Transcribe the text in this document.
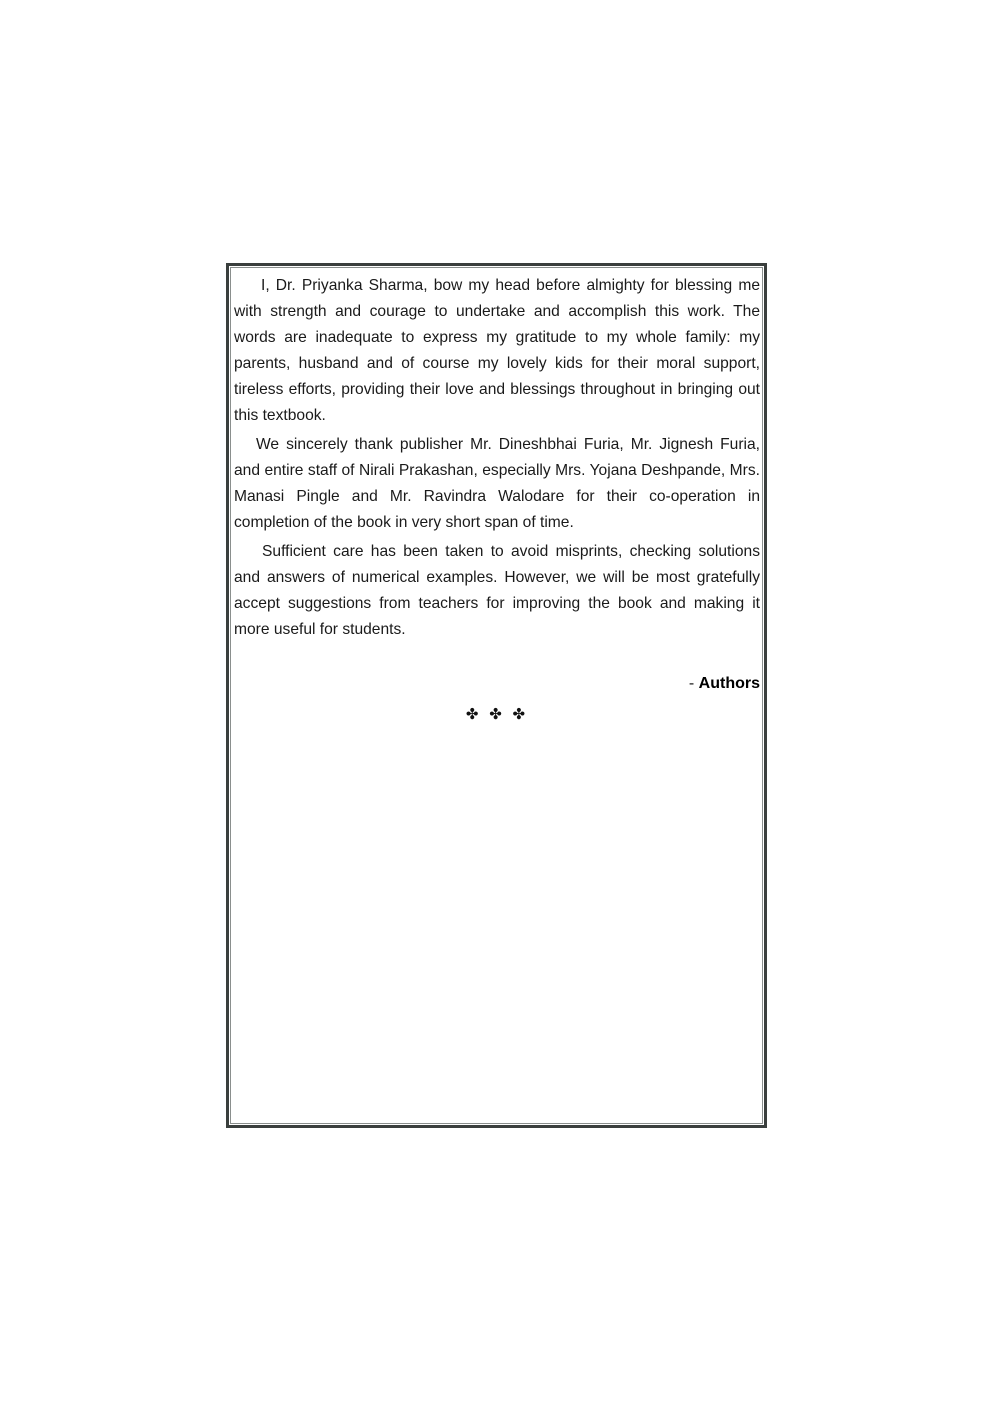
I, Dr. Priyanka Sharma, bow my head before almighty for blessing me with strength and courage to undertake and accomplish this work. The words are inadequate to express my gratitude to my whole family: my parents, husband and of course my lovely kids for their moral support, tireless efforts, providing their love and blessings throughout in bringing out this textbook.

We sincerely thank publisher Mr. Dineshbhai Furia, Mr. Jignesh Furia, and entire staff of Nirali Prakashan, especially Mrs. Yojana Deshpande, Mrs. Manasi Pingle and Mr. Ravindra Walodare for their co-operation in completion of the book in very short span of time.

Sufficient care has been taken to avoid misprints, checking solutions and answers of numerical examples. However, we will be most gratefully accept suggestions from teachers for improving the book and making it more useful for students.

- Authors
✤ ✤ ✤
